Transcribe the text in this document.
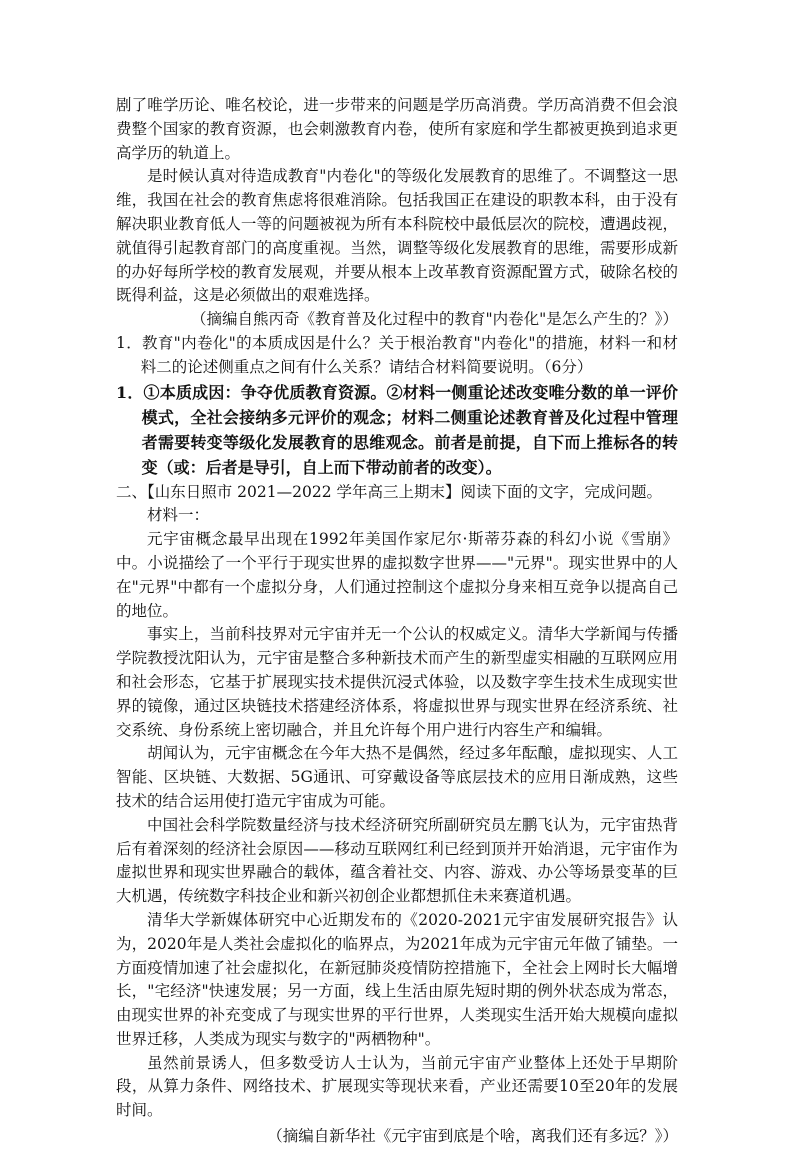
剧了唯学历论、唯名校论，进一步带来的问题是学历高消费。学历高消费不但会浪费整个国家的教育资源，也会刺激教育内卷，使所有家庭和学生都被更换到追求更高学历的轨道上。

是时候认真对待造成教育"内卷化"的等级化发展教育的思维了。不调整这一思维，我国在社会的教育焦虑将很难消除。包括我国正在建设的职教本科，由于没有解决职业教育低人一等的问题被视为所有本科院校中最低层次的院校，遭遇歧视，就值得引起教育部门的高度重视。当然，调整等级化发展教育的思维，需要形成新的办好每所学校的教育发展观，并要从根本上改革教育资源配置方式，破除名校的既得利益，这是必须做出的艰难选择。

（摘编自熊丙奇《教育普及化过程中的教育"内卷化"是怎么产生的？》）

1．教育"内卷化"的本质成因是什么？关于根治教育"内卷化"的措施，材料一和材料二的论述侧重点之间有什么关系？请结合材料简要说明。（6分）

1．①本质成因：争夺优质教育资源。②材料一侧重论述改变唯分数的单一评价模式，全社会接纳多元评价的观念；材料二侧重论述教育普及化过程中管理者需要转变等级化发展教育的思维观念。前者是前提，自下而上推标各的转变（或：后者是导引，自上而下带动前者的改变）。

二、【山东日照市 2021—2022 学年高三上期末】阅读下面的文字，完成问题。

材料一：

元宇宙概念最早出现在1992年美国作家尼尔·斯蒂芬森的科幻小说《雪崩》中。小说描绘了一个平行于现实世界的虚拟数字世界——"元界"。现实世界中的人在"元界"中都有一个虚拟分身，人们通过控制这个虚拟分身来相互竞争以提高自己的地位。

事实上，当前科技界对元宇宙并无一个公认的权威定义。清华大学新闻与传播学院教授沈阳认为，元宇宙是整合多种新技术而产生的新型虚实相融的互联网应用和社会形态，它基于扩展现实技术提供沉浸式体验，以及数字孪生技术生成现实世界的镜像，通过区块链技术搭建经济体系，将虚拟世界与现实世界在经济系统、社交系统、身份系统上密切融合，并且允许每个用户进行内容生产和编辑。

胡闻认为，元宇宙概念在今年大热不是偶然，经过多年酝酿，虚拟现实、人工智能、区块链、大数据、5G通讯、可穿戴设备等底层技术的应用日渐成熟，这些技术的结合运用使打造元宇宙成为可能。

中国社会科学院数量经济与技术经济研究所副研究员左鹏飞认为，元宇宙热背后有着深刻的经济社会原因——移动互联网红利已经到顶并开始消退，元宇宙作为虚拟世界和现实世界融合的载体，蕴含着社交、内容、游戏、办公等场景变革的巨大机遇，传统数字科技企业和新兴初创企业都想抓住未来赛道机遇。

清华大学新媒体研究中心近期发布的《2020-2021元宇宙发展研究报告》认为，2020年是人类社会虚拟化的临界点，为2021年成为元宇宙元年做了铺垫。一方面疫情加速了社会虚拟化，在新冠肺炎疫情防控措施下，全社会上网时长大幅增长，"宅经济"快速发展；另一方面，线上生活由原先短时期的例外状态成为常态，由现实世界的补充变成了与现实世界的平行世界，人类现实生活开始大规模向虚拟世界迁移，人类成为现实与数字的"两栖物种"。

虽然前景诱人，但多数受访人士认为，当前元宇宙产业整体上还处于早期阶段，从算力条件、网络技术、扩展现实等现状来看，产业还需要10至20年的发展时间。

（摘编自新华社《元宇宙到底是个啥，离我们还有多远？》）
